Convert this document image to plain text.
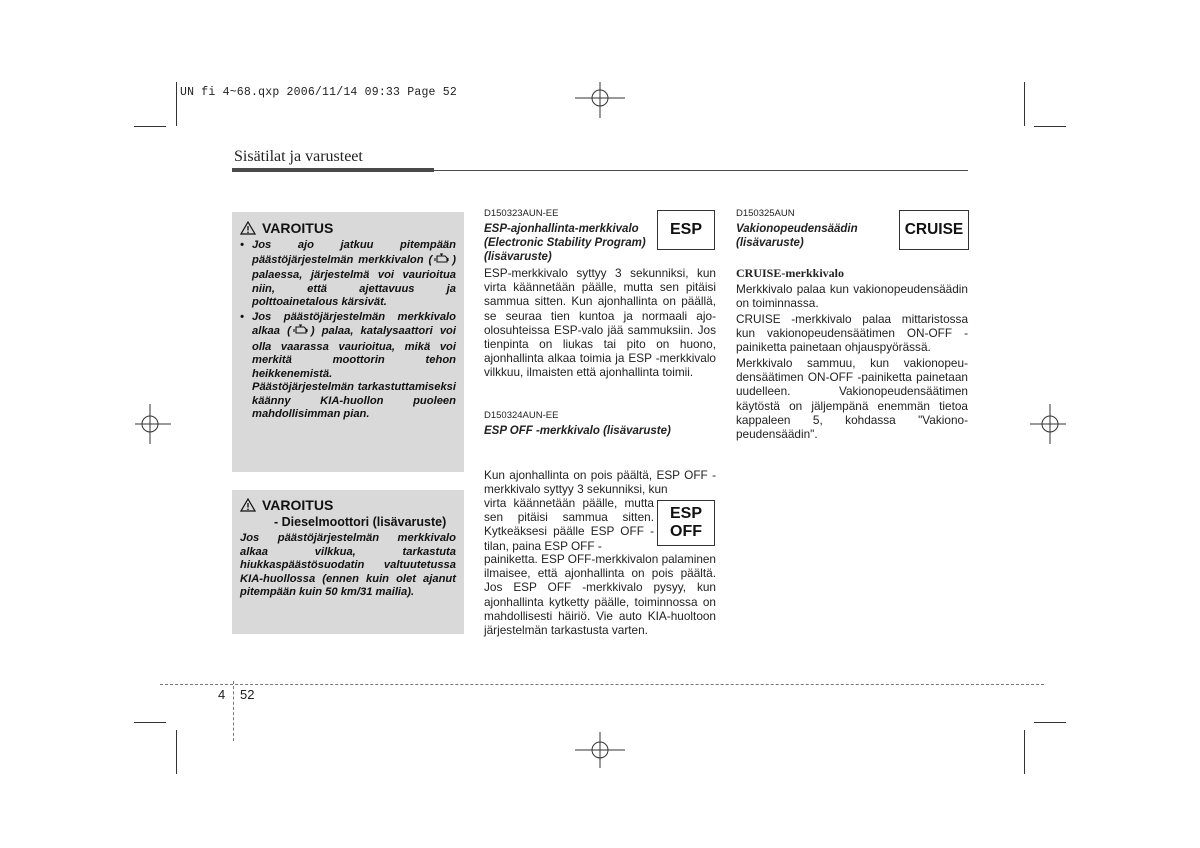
UN fi 4~68.qxp 2006/11/14 09:33 Page 52
Sisätilat ja varusteet
VAROITUS
• Jos ajo jatkuu pitempään päästöjärjestelmän merkkivalon ( ) palaessa, järjestelmä voi vaurioitua niin, että ajettavuus ja polttoainetalous kärsivät.
• Jos päästöjärjestelmän merkkivalo alkaa ( ) palaa, katalysaattori voi olla vaarassa vaurioitua, mikä voi merkitä moottorin tehon heikkenemistä.
Päästöjärjestelmän tarkastuttamiseksi käänny KIA-huollon puoleen mahdollisimman pian.
VAROITUS
- Dieselmoottori (lisävaruste)
Jos päästöjärjestelmän merkkivalo alkaa vilkkua, tarkastuta hiukkaspäästösuodatin valtuutetussa KIA-huollossa (ennen kuin olet ajanut pitempään kuin 50 km/31 mailia).
D150323AUN-EE
ESP-ajonhallinta-merkkivalo (Electronic Stability Program) (lisävaruste)
ESP
ESP-merkkivalo syttyy 3 sekunniksi, kun virta käännetään päälle, mutta sen pitäisi sammua sitten. Kun ajonhallinta on päällä, se seuraa tien kuntoa ja normaali ajoolosuhteissa ESP-valo jää sammuksiin. Jos tienpinta on liukas tai pito on huono, ajonhallinta alkaa toimia ja ESP -merkkivalo vilkkuu, ilmaisten että ajonhallinta toimii.
D150324AUN-EE
ESP OFF -merkkivalo (lisävaruste)
Kun ajonhallinta on pois päältä, ESP OFF -merkkivalo syttyy 3 sekunniksi, kun
virta käännetään päälle, mutta sen pitäisi sammua sitten. Kytkeäksesi päälle ESP OFF -tilan, paina ESP OFF -
ESP
OFF
painiketta. ESP OFF-merkkivalon palaminen ilmaisee, että ajonhallinta on pois päältä. Jos ESP OFF -merkkivalo pysyy, kun ajonhallinta kytketty päälle, toiminnossa on mahdollisesti häiriö. Vie auto KIA-huoltoon järjestelmän tarkastusta varten.
D150325AUN
Vakionopeudensäädin (lisävaruste)
CRUISE
CRUISE-merkkivalo
Merkkivalo palaa kun vakionopeudensäädin on toiminnassa.
CRUISE -merkkivalo palaa mittaristossa kun vakionopeudensäätimen ON-OFF -painiketta painetaan ohjauspyörässä.
Merkkivalo sammuu, kun vakionopeudensäätimen ON-OFF -painiketta painetaan uudelleen. Vakionopeudensäätimen käytöstä on jäljempänä enemmän tietoa kappaleen 5, kohdassa "Vakionopeudensäädin".
4 52
